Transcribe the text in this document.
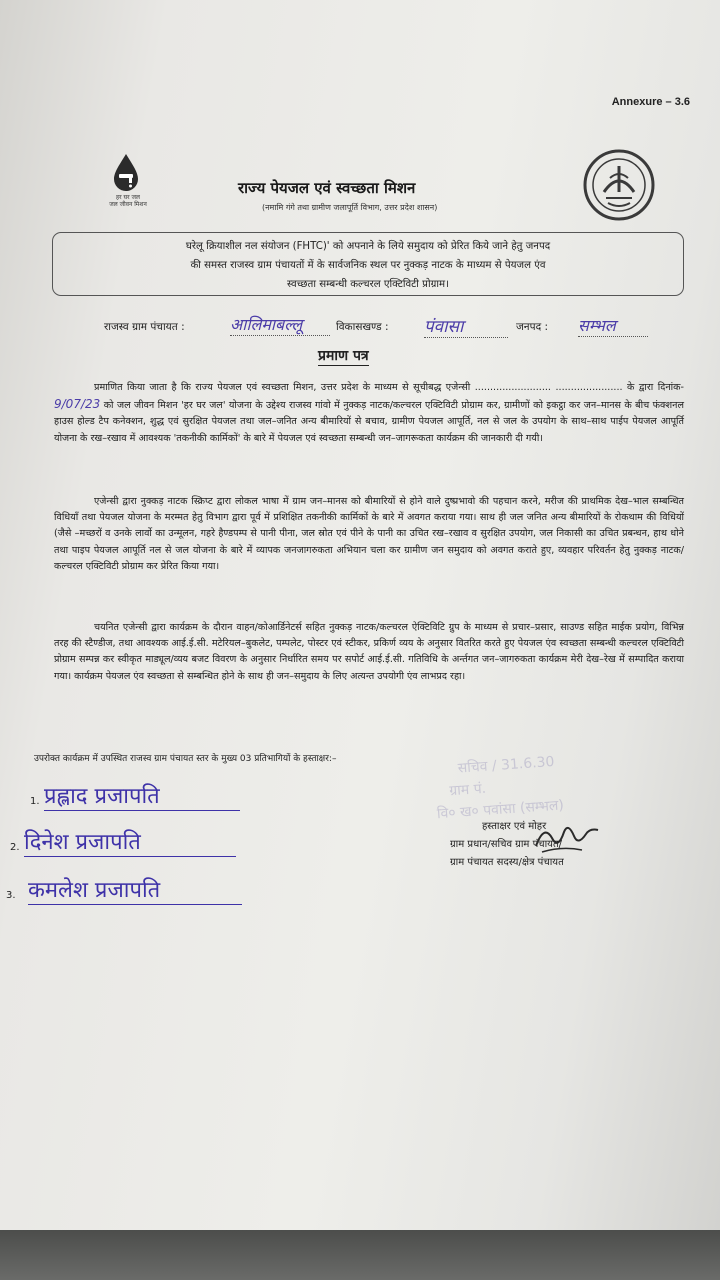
Annexure – 3.6
हर घर जल
जल जीवन मिशन
राज्य पेयजल एवं स्वच्छता मिशन
(नमामि गंगे तथा ग्रामीण जलापूर्ति विभाग, उत्तर प्रदेश शासन)
घरेलू क्रियाशील नल संयोजन (FHTC)' को अपनाने के लिये समुदाय को प्रेरित किये जाने हेतु जनपद
की समस्त राजस्व ग्राम पंचायतों में के सार्वजनिक स्थल पर नुक्कड़ नाटक के माध्यम से पेयजल एंव
स्वच्छता सम्बन्धी कल्चरल एक्टिविटी प्रोग्राम।
राजस्व ग्राम पंचायत :	आलिमाबल्लू	विकासखण्ड : पंवासा	जनपद : सम्भल
प्रमाण पत्र

प्रमाणित किया जाता है कि राज्य पेयजल एवं स्वच्छता मिशन, उत्तर प्रदेश के माध्यम से सूचीबद्ध एजेन्सी ......................... ...................... के द्वारा दिनांक- 9/07/23 को जल जीवन मिशन 'हर घर जल' योजना के उद्देश्य राजस्व गांवो में नुक्कड़ नाटक/कल्चरल एक्टिविटी प्रोग्राम कर, ग्रामीणों को इकट्ठा कर जन–मानस के बीच फंक्शनल हाउस होल्ड टैप कनेक्शन, शुद्ध एवं सुरक्षित पेयजल तथा जल–जनित अन्य बीमारियों से बचाव, ग्रामीण पेयजल आपूर्ति, नल से जल के उपयोग के साथ–साथ पाईप पेयजल आपूर्ति योजना के रख–रखाव में आवश्यक 'तकनीकी कार्मिकों' के बारे में पेयजल एवं स्वच्छता सम्बन्धी जन–जागरूकता कार्यक्रम की जानकारी दी गयी।

एजेन्सी द्वारा नुक्कड़ नाटक स्क्रिप्ट द्वारा लोकल भाषा में ग्राम जन–मानस को बीमारियों से होने वाले दुष्प्रभावो की पहचान करने, मरीज की प्राथमिक देख–भाल सम्बन्धित विधियाँ तथा पेयजल योजना के मरम्मत हेतु विभाग द्वारा पूर्व में प्रशिक्षित तकनीकी कार्मिकों के बारे में अवगत कराया गया। साथ ही जल जनित अन्य बीमारियों के रोकथाम की विधियों (जैसे –मच्छरों व उनके लार्वो का उन्मूलन, गहरे हैण्डपम्प से पानी पीना, जल स्रोत एवं पीने के पानी का उचित रख–रखाव व सुरक्षित उपयोग, जल निकासी का उचित प्रबन्धन, हाथ धोने तथा पाइप पेयजल आपूर्ति नल से जल योजना के बारे में व्यापक जनजागरुकता अभियान चला कर ग्रामीण जन समुदाय को अवगत कराते हुए, व्यवहार परिवर्तन हेतु नुक्कड़ नाटक/कल्चरल एक्टिविटी प्रोग्राम कर प्रेरित किया गया।

चयनित एजेन्सी द्वारा कार्यक्रम के दौरान वाहन/कोआर्डिनेटर्स सहित नुक्कड़ नाटक/कल्चरल ऐक्टिविटि ग्रुप के माध्यम से प्रचार–प्रसार, साउण्ड सहित माईक प्रयोग, विभिन्न तरह की स्टैण्डीज, तथा आवश्यक आई.ई.सी. मटेरियल–बुकलेट, पम्पलेट, पोस्टर एवं स्टीकर, प्रकिर्ण व्यय के अनुसार वितरित करते हुए पेयजल एंव स्वच्छता सम्बन्धी कल्चरल एक्टिविटी प्रोग्राम सम्पन्न कर स्वीकृत माड्यूल/व्यय बजट विवरण के अनुसार निर्धारित समय पर सपोर्ट आई.ई.सी. गतिविधि के अर्न्तगत जन–जागरुकता कार्यक्रम मेरी देख–रेख में सम्पादित कराया गया। कार्यक्रम पेयजल एंव स्वच्छता से सम्बन्धित होने के साथ ही जन–समुदाय के लिए अत्यन्त उपयोगी एंव लाभप्रद रहा।

उपरोक्त कार्यक्रम में उपस्थित राजस्व ग्राम पंचायत स्तर के मुख्य 03 प्रतिभागियों के हस्ताक्षर:–
1. प्रह्लाद प्रजापति
2. दिनेश प्रजापति
3. कमलेश प्रजापति
सचिव / 31.6.30
ग्राम पं.
वि० ख० पवांसा (सम्भल)
हस्ताक्षर एवं मोहर
ग्राम प्रधान/सचिव ग्राम पंचायत/
ग्राम पंचायत सदस्य/क्षेत्र पंचायत
